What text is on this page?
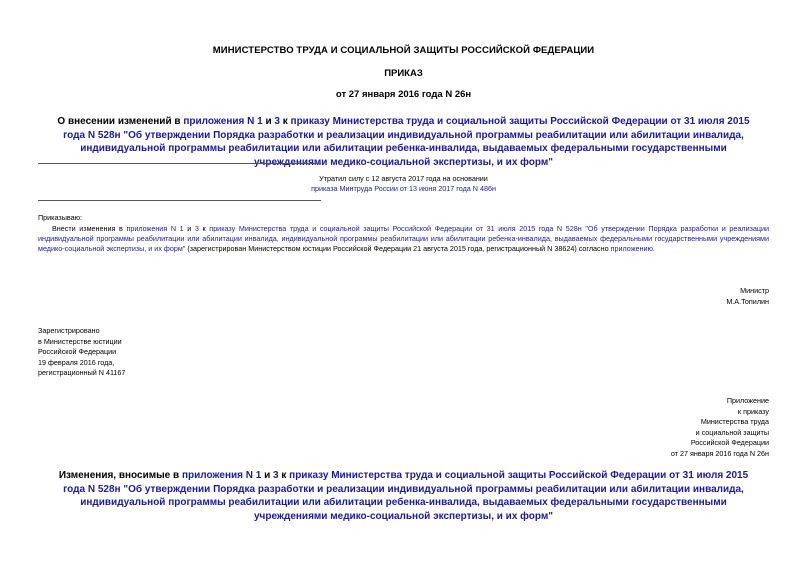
МИНИСТЕРСТВО ТРУДА И СОЦИАЛЬНОЙ ЗАЩИТЫ РОССИЙСКОЙ ФЕДЕРАЦИИ

ПРИКАЗ

от 27 января 2016 года N 26н

О внесении изменений в приложения N 1 и 3 к приказу Министерства труда и социальной защиты Российской Федерации от 31 июля 2015 года N 528н "Об утверждении Порядка разработки и реализации индивидуальной программы реабилитации или абилитации инвалида, индивидуальной программы реабилитации или абилитации ребенка-инвалида, выдаваемых федеральными государственными учреждениями медико-социальной экспертизы, и их форм"

Утратил силу с 12 августа 2017 года на основании

приказа Минтруда России от 13 июня 2017 года N 486н

Приказываю:

Внести изменения в приложения N 1 и 3 к приказу Министерства труда и социальной защиты Российской Федерации от 31 июля 2015 года N 528н "Об утверждении Порядка разработки и реализации индивидуальной программы реабилитации или абилитации инвалида, индивидуальной программы реабилитации или абилитации ребенка-инвалида, выдаваемых федеральными государственными учреждениями медико-социальной экспертизы, и их форм" (зарегистрирован Министерством юстиции Российской Федерации 21 августа 2015 года, регистрационный N 38624) согласно приложению.

Министр
М.А.Топилин
Зарегистрировано
в Министерстве юстиции
Российской Федерации
19 февраля 2016 года,
регистрационный N 41167
Приложение
к приказу
Министерства труда
и социальной защиты
Российской Федерации
от 27 января 2016 года N 26н

Изменения, вносимые в приложения N 1 и 3 к приказу Министерства труда и социальной защиты Российской Федерации от 31 июля 2015 года N 528н "Об утверждении Порядка разработки и реализации индивидуальной программы реабилитации или абилитации инвалида, индивидуальной программы реабилитации или абилитации ребенка-инвалида, выдаваемых федеральными государственными учреждениями медико-социальной экспертизы, и их форм"
